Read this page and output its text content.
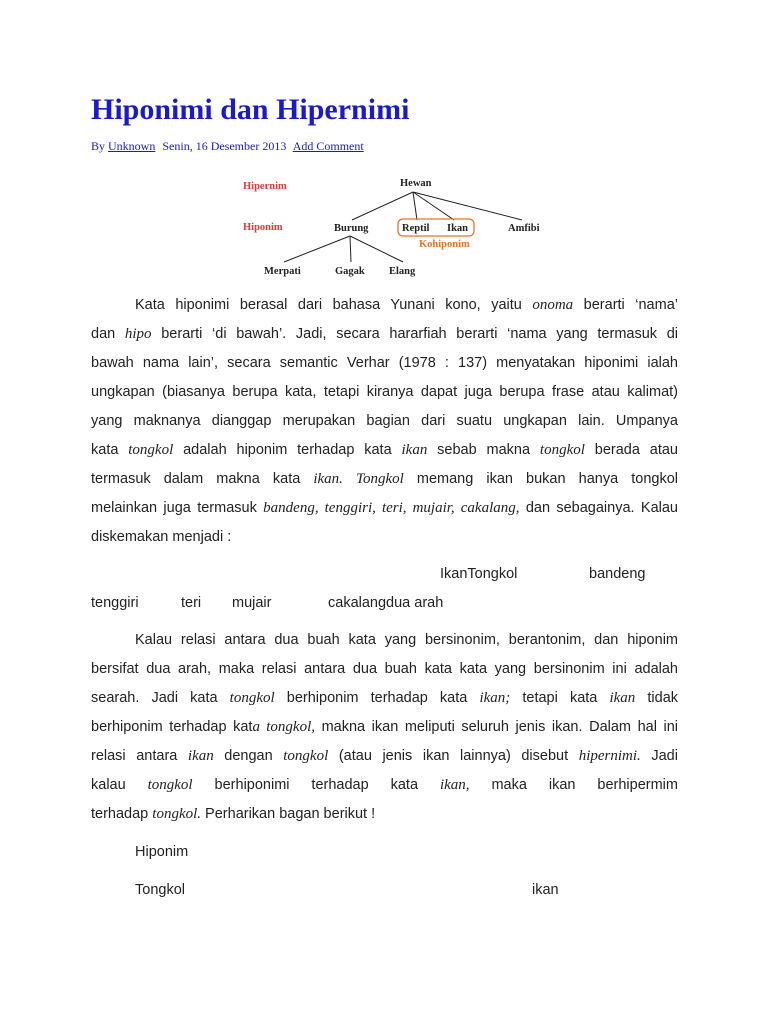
Hiponimi dan Hipernimi
By Unknown Senin, 16 Desember 2013 Add Comment
Hipernim
Hiponim
Hewan
Burung	Reptil Ikan	Amfibi
Kohiponim
Merpati	Gagak Elang
Kata hiponimi berasal dari bahasa Yunani kono, yaitu onoma berarti ‘nama’
dan hipo berarti ‘di bawah’. Jadi, secara hararfiah berarti ‘nama yang termasuk di
bawah nama lain’, secara semantic Verhar (1978 : 137) menyatakan hiponimi ialah
ungkapan (biasanya berupa kata, tetapi kiranya dapat juga berupa frase atau kalimat)
yang maknanya dianggap merupakan bagian dari suatu ungkapan lain. Umpanya
kata tongkol adalah hiponim terhadap kata ikan sebab makna tongkol berada atau
termasuk dalam makna kata ikan. Tongkol memang ikan bukan hanya tongkol
melainkan juga termasuk bandeng, tenggiri, teri, mujair, cakalang, dan sebagainya. Kalau
diskemakan menjadi :
IkanTongkol	bandeng
tenggiri	teri mujair	cakalangdua arah
Kalau relasi antara dua buah kata yang bersinonim, berantonim, dan hiponim
bersifat dua arah, maka relasi antara dua buah kata kata yang bersinonim ini adalah
searah. Jadi kata tongkol berhiponim terhadap kata ikan; tetapi kata ikan tidak
berhiponim terhadap kata tongkol, makna ikan meliputi seluruh jenis ikan. Dalam hal ini
relasi antara ikan dengan tongkol (atau jenis ikan lainnya) disebut hipernimi. Jadi
kalau tongkol berhiponimi terhadap kata ikan, maka ikan berhipermim
terhadap tongkol. Perharikan bagan berikut !
Hiponim
Tongkol	ikan
